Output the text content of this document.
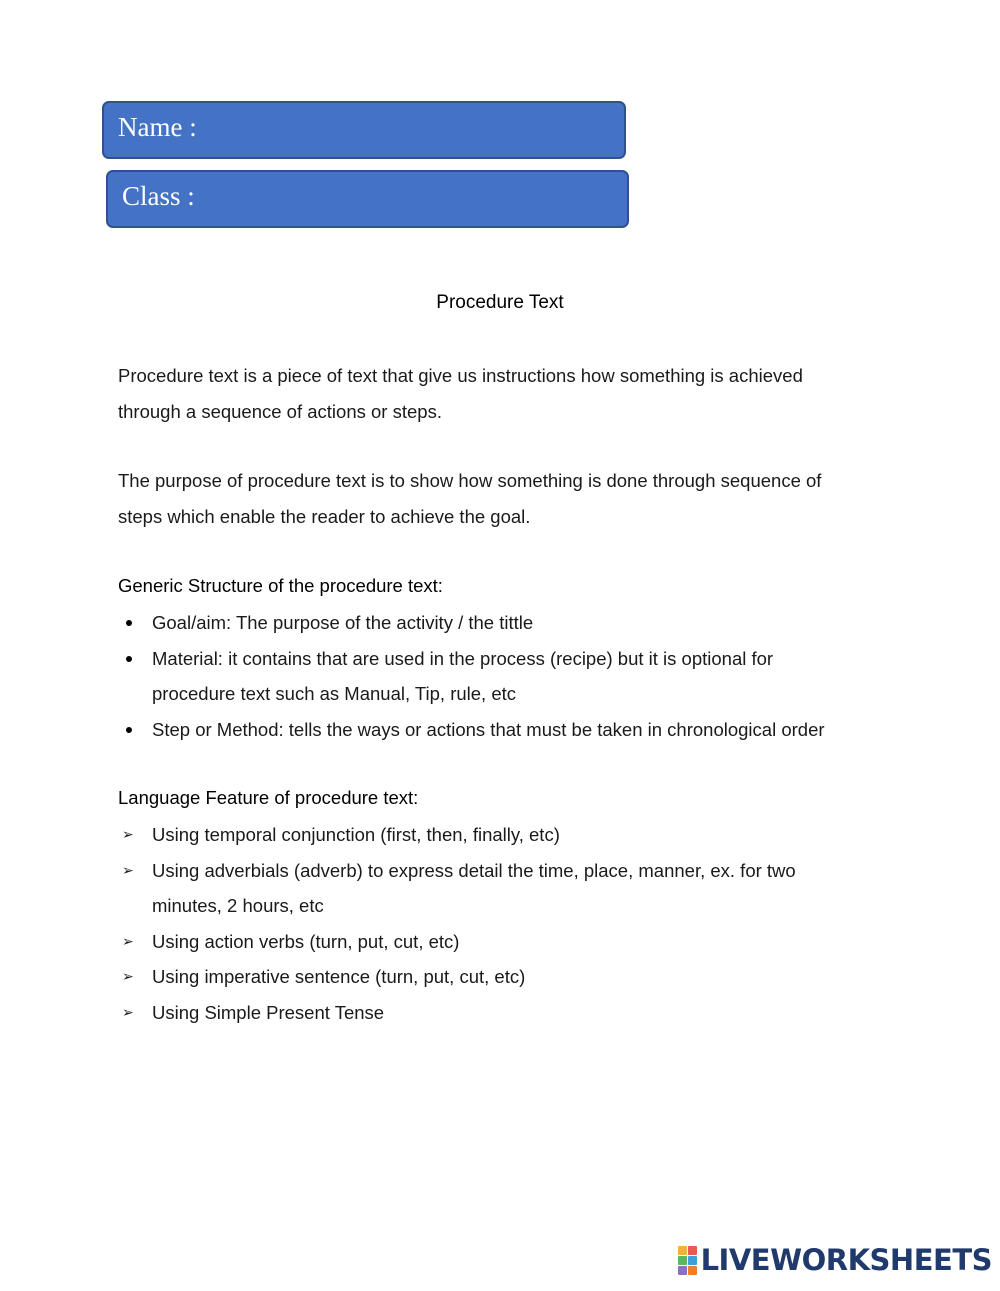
Name :
Class :
Procedure Text

Procedure text is a piece of text that give us instructions how something is achieved
through a sequence of actions or steps.

The purpose of procedure text is to show how something is done through sequence of
steps which enable the reader to achieve the goal.

Generic Structure of the procedure text:
Goal/aim: The purpose of the activity / the tittle
Material: it contains that are used in the process (recipe) but it is optional for procedure text such as Manual, Tip, rule, etc
Step or Method: tells the ways or actions that must be taken in chronological order
Language Feature of procedure text:
➢ Using temporal conjunction (first, then, finally, etc)
➢ Using adverbials (adverb) to express detail the time, place, manner, ex. for two minutes, 2 hours, etc
➢ Using action verbs (turn, put, cut, etc)
➢ Using imperative sentence (turn, put, cut, etc)
➢ Using Simple Present Tense
LIVEWORKSHEETS
